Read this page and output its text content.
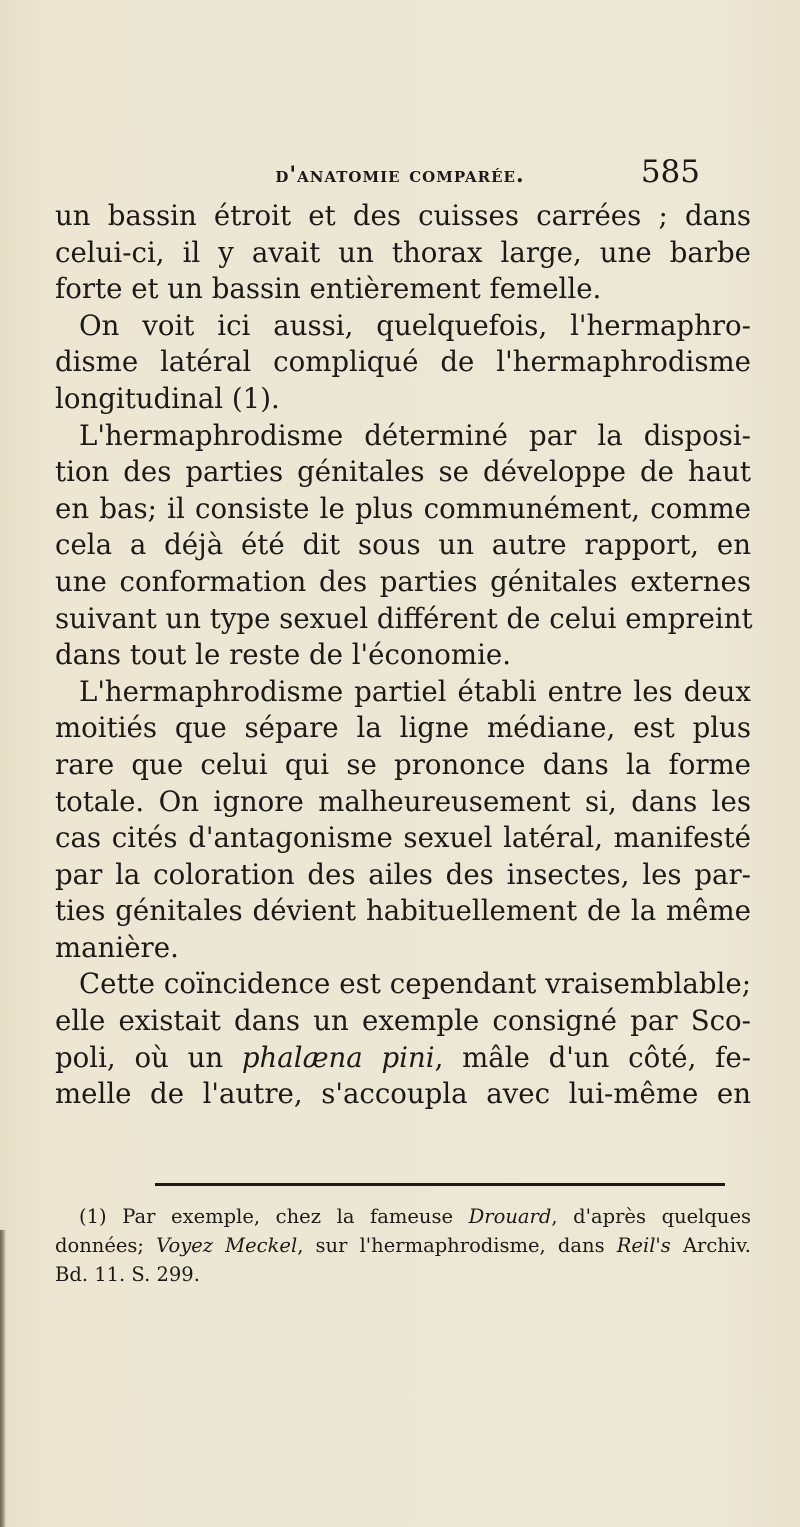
d'anatomie comparée.	585
un bassin étroit et des cuisses carrées ; dans
celui-ci, il y avait un thorax large, une barbe
forte et un bassin entièrement femelle.
On voit ici aussi, quelquefois, l'hermaphro-
disme latéral compliqué de l'hermaphrodisme
longitudinal (1).
L'hermaphrodisme déterminé par la disposi-
tion des parties génitales se développe de haut
en bas; il consiste le plus communément, comme
cela a déjà été dit sous un autre rapport, en
une conformation des parties génitales externes
suivant un type sexuel différent de celui empreint
dans tout le reste de l'économie.
L'hermaphrodisme partiel établi entre les deux
moitiés que sépare la ligne médiane, est plus
rare que celui qui se prononce dans la forme
totale. On ignore malheureusement si, dans les
cas cités d'antagonisme sexuel latéral, manifesté
par la coloration des ailes des insectes, les par-
ties génitales dévient habituellement de la même
manière.
Cette coïncidence est cependant vraisemblable;
elle existait dans un exemple consigné par Sco-
poli, où un phalæna pini, mâle d'un côté, fe-
melle de l'autre, s'accoupla avec lui-même en
(1) Par exemple, chez la fameuse Drouard, d'après quelques
données; Voyez Meckel, sur l'hermaphrodisme, dans Reil's Archiv.
Bd. 11. S. 299.
